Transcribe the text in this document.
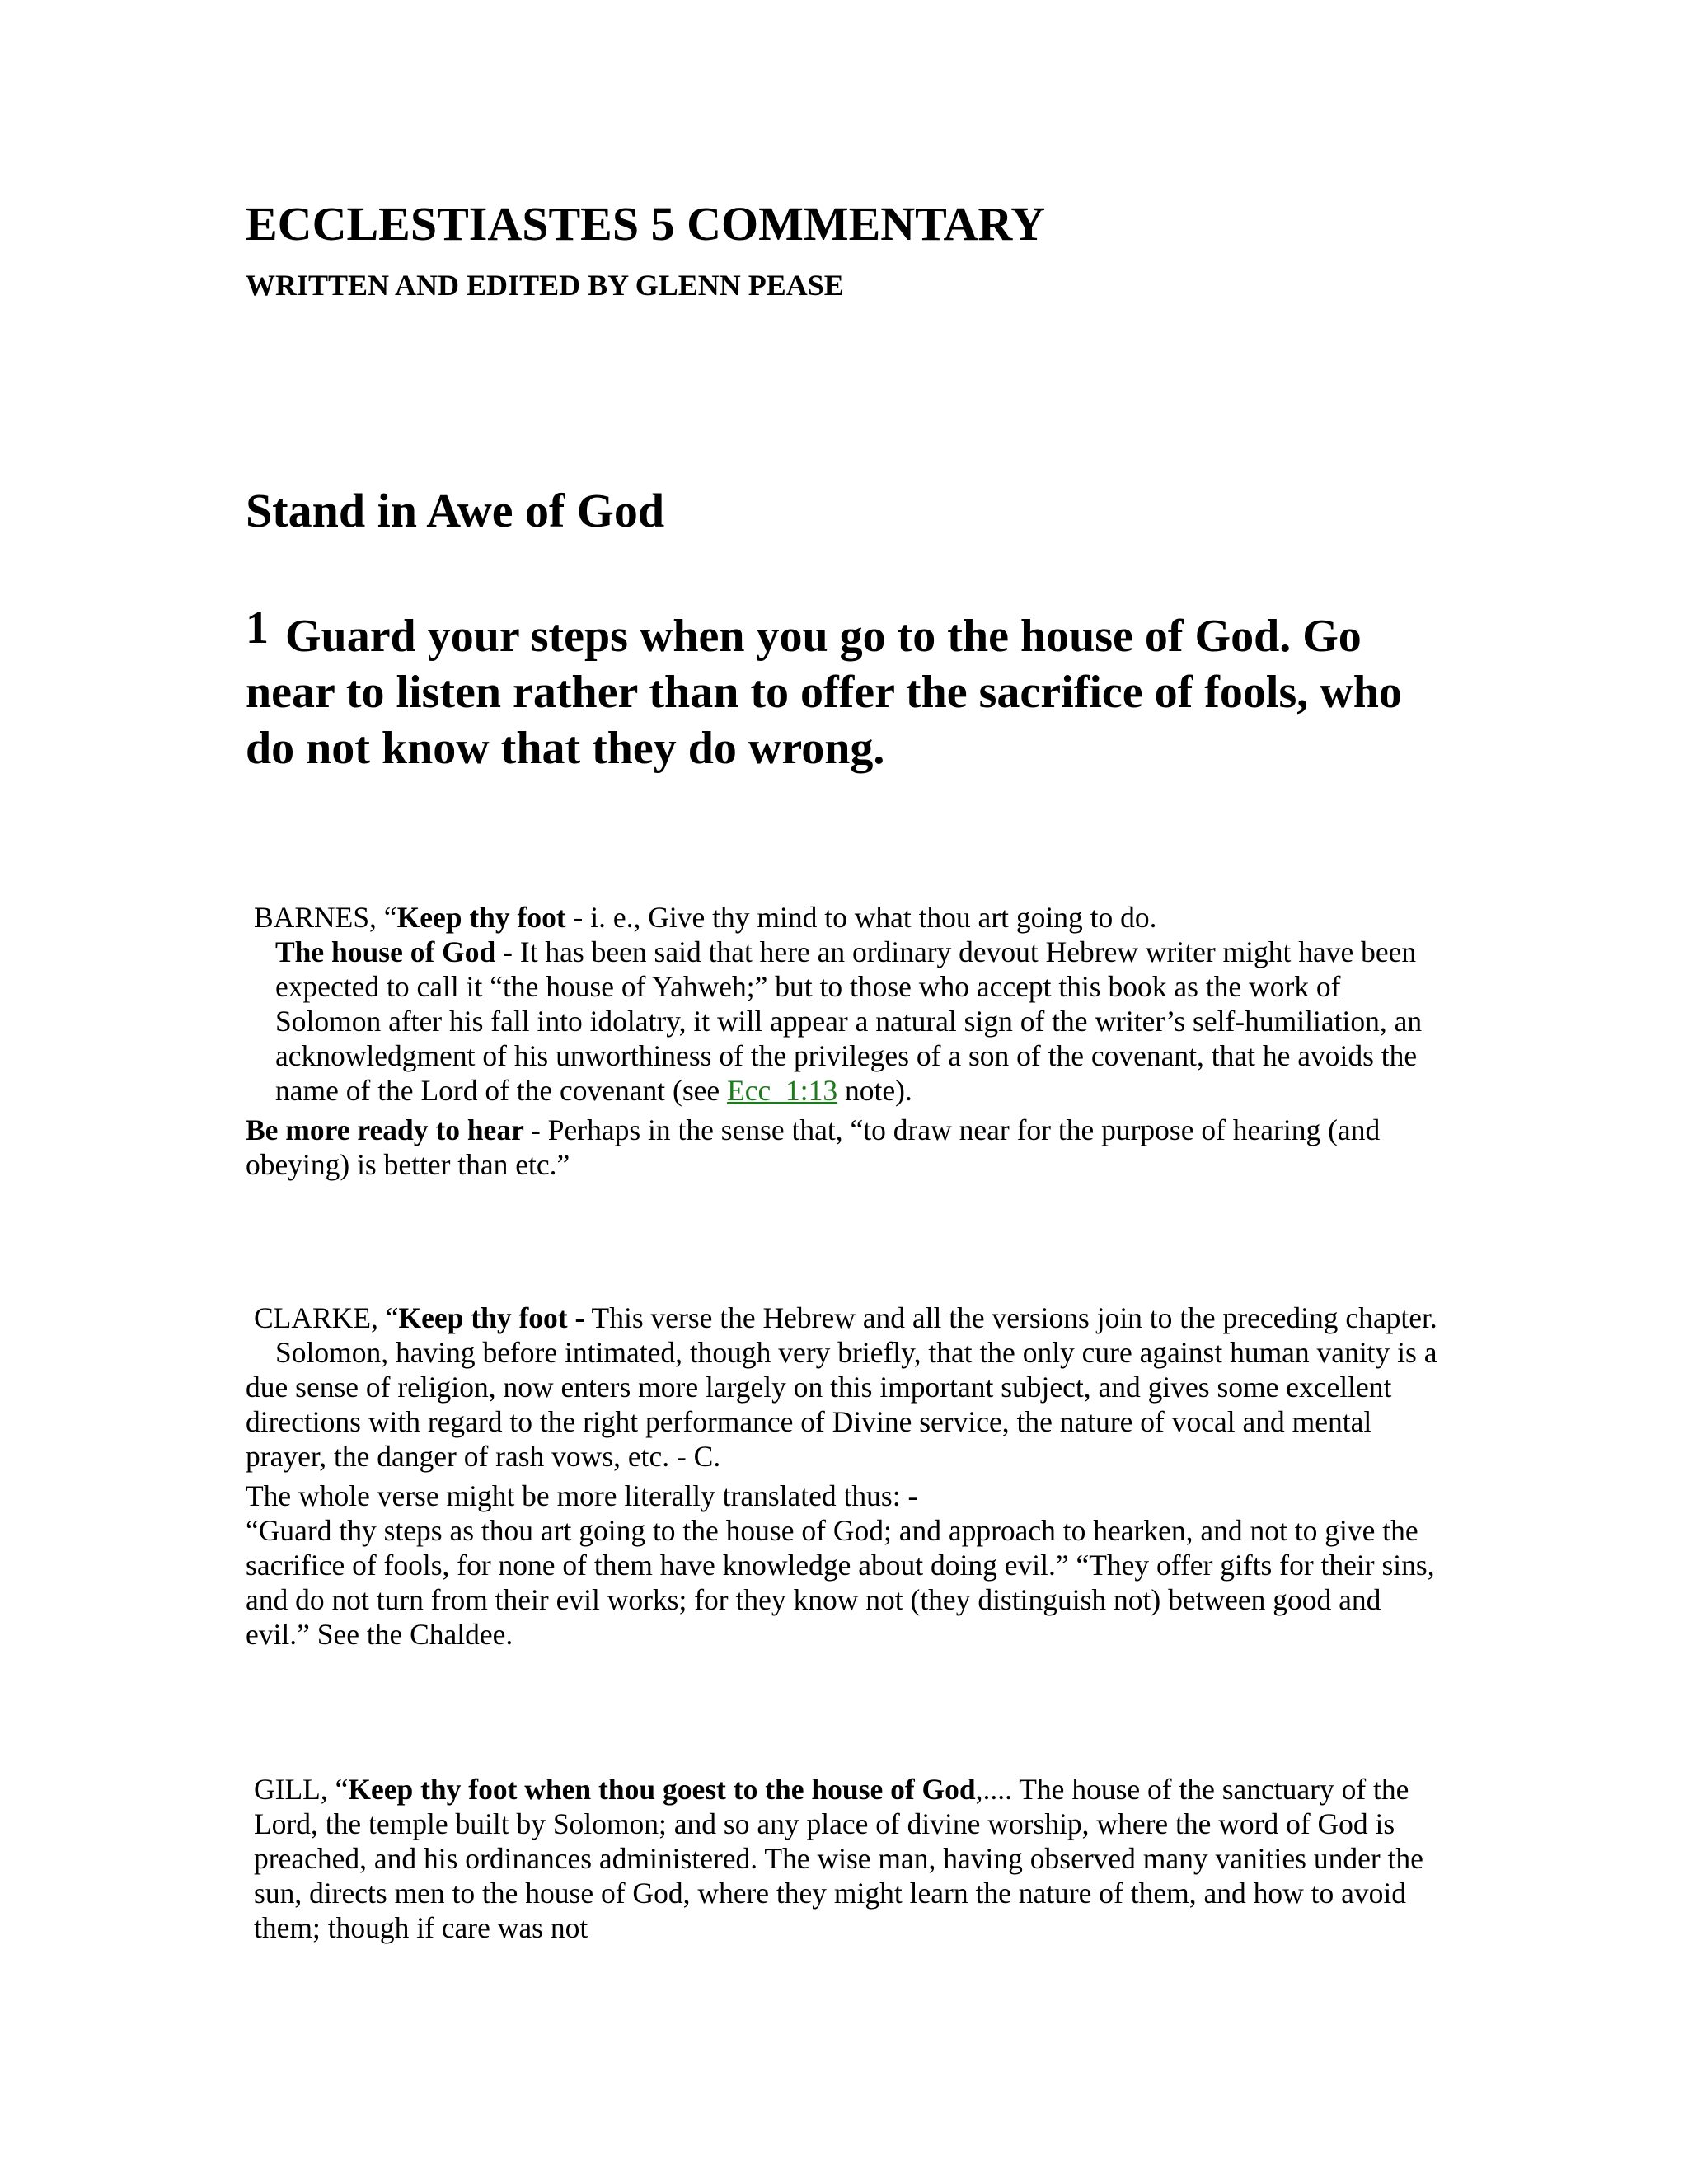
ECCLESTIASTES 5 COMMENTARY
WRITTEN AND EDITED BY GLENN PEASE
Stand in Awe of God

1 Guard your steps when you go to the house of God. Go near to listen rather than to offer the sacrifice of fools, who do not know that they do wrong.

BARNES, “Keep thy foot - i. e., Give thy mind to what thou art going to do.

The house of God - It has been said that here an ordinary devout Hebrew writer might have been expected to call it “the house of Yahweh;” but to those who accept this book as the work of Solomon after his fall into idolatry, it will appear a natural sign of the writer’s self-humiliation, an acknowledgment of his unworthiness of the privileges of a son of the covenant, that he avoids the name of the Lord of the covenant (see Ecc_1:13 note).

Be more ready to hear - Perhaps in the sense that, “to draw near for the purpose of hearing (and obeying) is better than etc.”

CLARKE, “Keep thy foot - This verse the Hebrew and all the versions join to the preceding chapter.

Solomon, having before intimated, though very briefly, that the only cure against human vanity is a due sense of religion, now enters more largely on this important subject, and gives some excellent directions with regard to the right performance of Divine service, the nature of vocal and mental prayer, the danger of rash vows, etc. - C.

The whole verse might be more literally translated thus: -

“Guard thy steps as thou art going to the house of God; and approach to hearken, and not to give the sacrifice of fools, for none of them have knowledge about doing evil.” “They offer gifts for their sins, and do not turn from their evil works; for they know not (they distinguish not) between good and evil.” See the Chaldee.

GILL, “Keep thy foot when thou goest to the house of God,.... The house of the sanctuary of the Lord, the temple built by Solomon; and so any place of divine worship, where the word of God is preached, and his ordinances administered. The wise man, having observed many vanities under the sun, directs men to the house of God, where they might learn the nature of them, and how to avoid them; though if care was not
